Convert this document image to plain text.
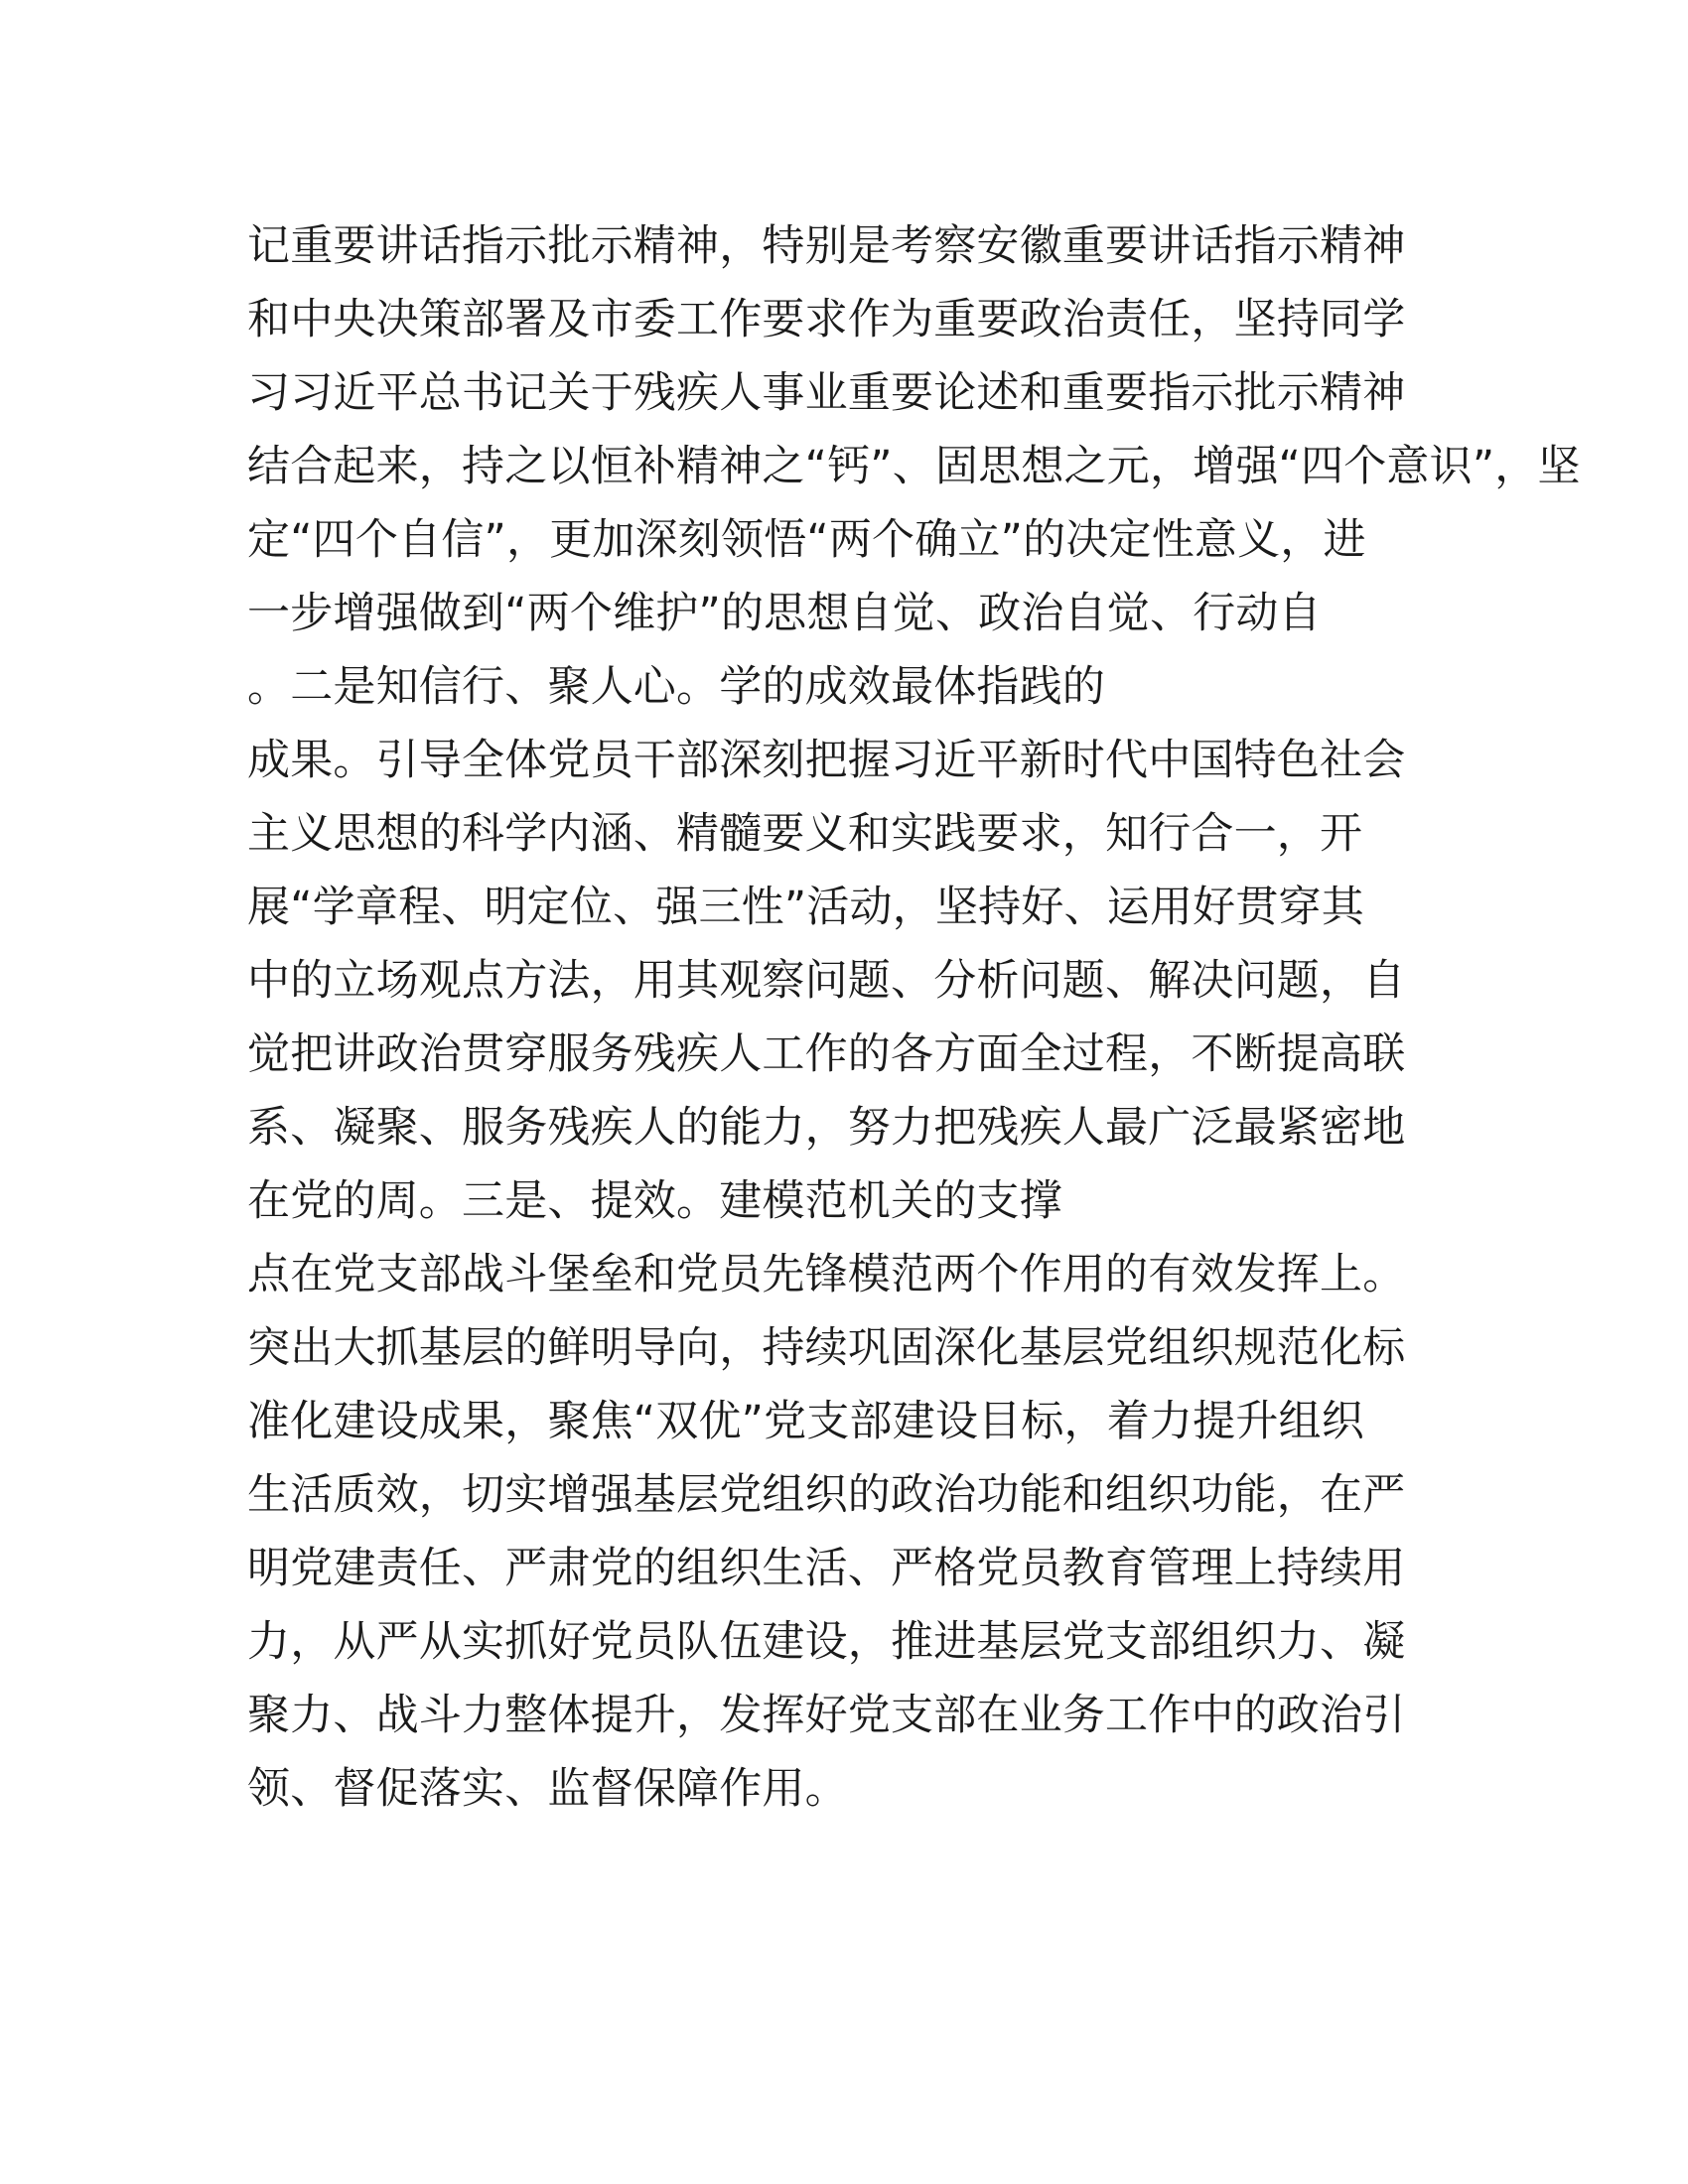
记重要讲话指示批示精神，特别是考察安徽重要讲话指示精神

和中央决策部署及市委工作要求作为重要政治责任，坚持同学

习习近平总书记关于残疾人事业重要论述和重要指示批示精神

结合起来，持之以恒补精神之“钙”、固思想之元，增强“四个意识”，坚

定“四个自信”，更加深刻领悟“两个确立”的决定性意义，进

一步增强做到“两个维护”的思想自觉、政治自觉、行动自

。二是知信行、聚人心。学的成效最体指践的

成果。引导全体党员干部深刻把握习近平新时代中国特色社会

主义思想的科学内涵、精髓要义和实践要求，知行合一，开

展“学章程、明定位、强三性”活动，坚持好、运用好贯穿其

中的立场观点方法，用其观察问题、分析问题、解决问题，自

觉把讲政治贯穿服务残疾人工作的各方面全过程，不断提高联

系、凝聚、服务残疾人的能力，努力把残疾人最广泛最紧密地

在党的周。三是、提效。建模范机关的支撑

点在党支部战斗堡垒和党员先锋模范两个作用的有效发挥上。

突出大抓基层的鲜明导向，持续巩固深化基层党组织规范化标

准化建设成果，聚焦“双优”党支部建设目标，着力提升组织

生活质效，切实增强基层党组织的政治功能和组织功能，在严

明党建责任、严肃党的组织生活、严格党员教育管理上持续用

力，从严从实抓好党员队伍建设，推进基层党支部组织力、凝

聚力、战斗力整体提升，发挥好党支部在业务工作中的政治引

领、督促落实、监督保障作用。
